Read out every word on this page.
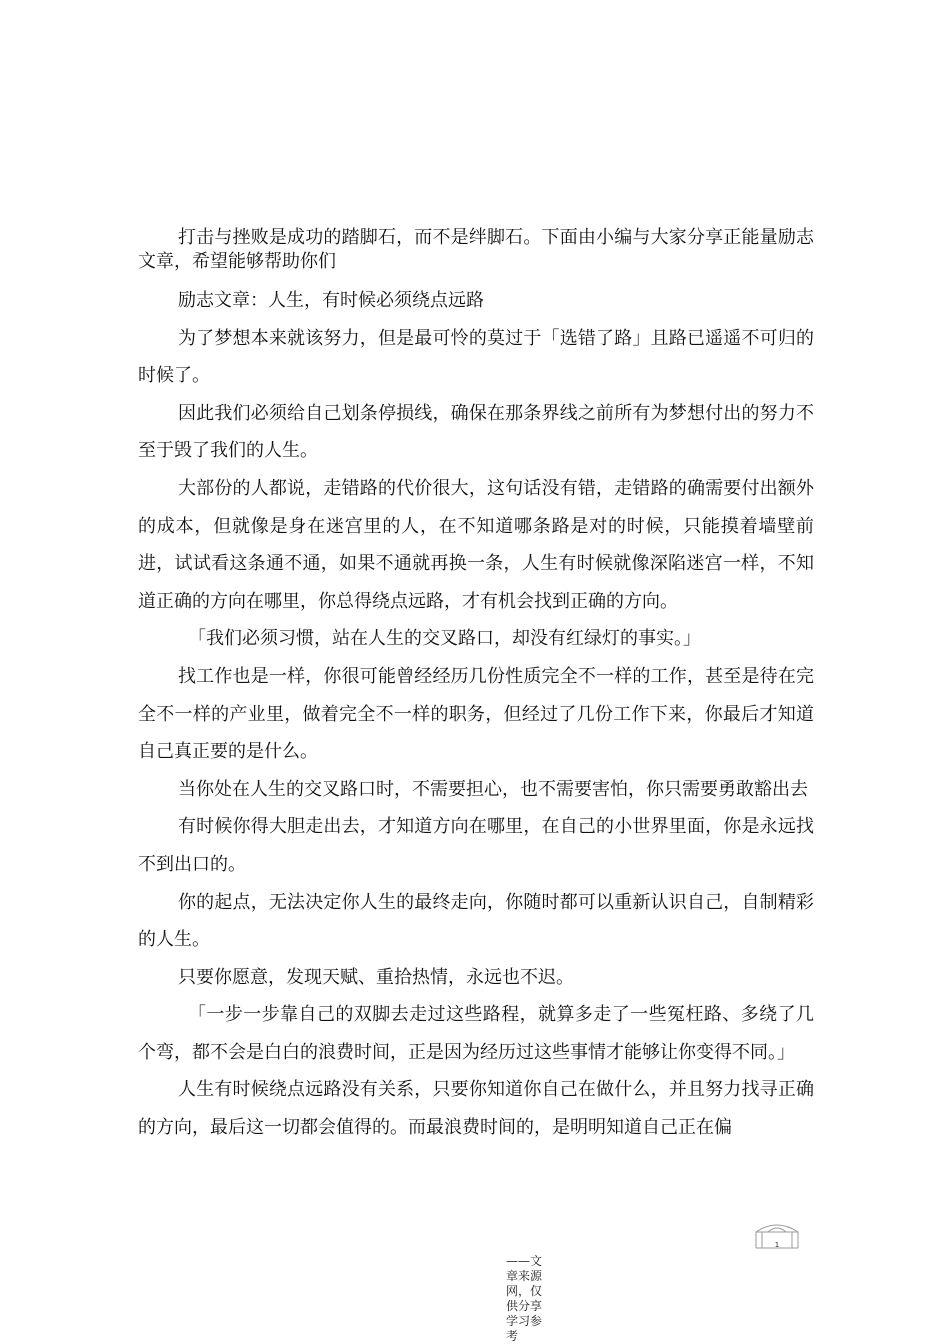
打击与挫败是成功的踏脚石，而不是绊脚石。下面由小编与大家分享正能量励志文章，希望能够帮助你们

励志文章：人生，有时候必须绕点远路

为了梦想本来就该努力，但是最可怜的莫过于「选错了路」且路已遥遥不可归的时候了。

因此我们必须给自己划条停损线，确保在那条界线之前所有为梦想付出的努力不至于毁了我们的人生。

大部份的人都说，走错路的代价很大，这句话没有错，走错路的确需要付出额外的成本，但就像是身在迷宫里的人，在不知道哪条路是对的时候，只能摸着墙壁前进，试试看这条通不通，如果不通就再换一条，人生有时候就像深陷迷宫一样，不知道正确的方向在哪里，你总得绕点远路，才有机会找到正确的方向。

「我们必须习惯，站在人生的交叉路口，却没有红绿灯的事实。」

找工作也是一样，你很可能曾经经历几份性质完全不一样的工作，甚至是待在完全不一样的产业里，做着完全不一样的职务，但经过了几份工作下来，你最后才知道自己真正要的是什么。

当你处在人生的交叉路口时，不需要担心，也不需要害怕，你只需要勇敢豁出去

有时候你得大胆走出去，才知道方向在哪里，在自己的小世界里面，你是永远找不到出口的。

你的起点，无法决定你人生的最终走向，你随时都可以重新认识自己，自制精彩的人生。

只要你愿意，发现天赋、重拾热情，永远也不迟。

「一步一步靠自己的双脚去走过这些路程，就算多走了一些冤枉路、多绕了几个弯，都不会是白白的浪费时间，正是因为经历过这些事情才能够让你变得不同。」

人生有时候绕点远路没有关系，只要你知道你自己在做什么，并且努力找寻正确的方向，最后这一切都会值得的。而最浪费时间的，是明明知道自己正在偏

1
——文章来源网，仅供分享学习参考
